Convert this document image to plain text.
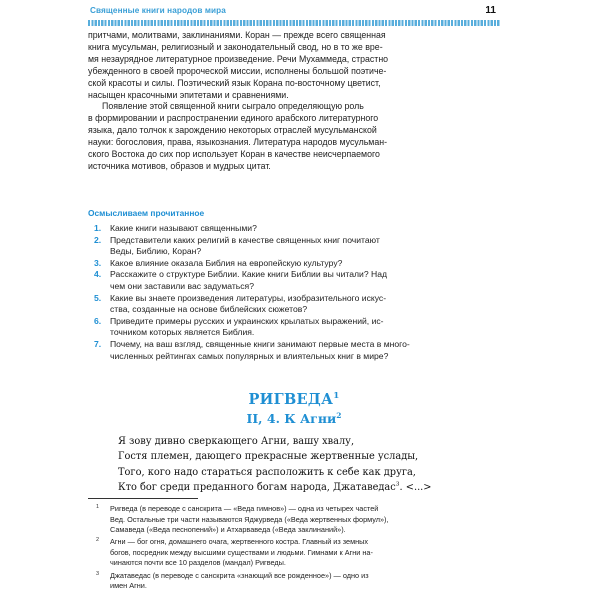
Священные книги народов мира	11
притчами, молитвами, заклинаниями. Коран — прежде всего священная
книга мусульман, религиозный и законодательный свод, но в то же вре-
мя незаурядное литературное произведение. Речи Мухаммеда, страстно
убежденного в своей пророческой миссии, исполнены большой поэтиче-
ской красоты и силы. Поэтический язык Корана по-восточному цветист,
насыщен красочными эпитетами и сравнениями.
Появление этой священной книги сыграло определяющую роль
в формировании и распространении единого арабского литературного
языка, дало толчок к зарождению некоторых отраслей мусульманской
науки: богословия, права, языкознания. Литература народов мусульман-
ского Востока до сих пор использует Коран в качестве неисчерпаемого
источника мотивов, образов и мудрых цитат.
Осмысливаем прочитанное
1. Какие книги называют священными?
2. Представители каких религий в качестве священных книг почитают
Веды, Библию, Коран?
3. Какое влияние оказала Библия на европейскую культуру?
4. Расскажите о структуре Библии. Какие книги Библии вы читали? Над
чем они заставили вас задуматься?
5. Какие вы знаете произведения литературы, изобразительного искус-
ства, созданные на основе библейских сюжетов?
6. Приведите примеры русских и украинских крылатых выражений, ис-
точником которых является Библия.
7. Почему, на ваш взгляд, священные книги занимают первые места в много-
численных рейтингах самых популярных и влиятельных книг в мире?
РИГВЕДА$^1$
II, 4. К Агни$^2$
Я зову дивно сверкающего Агни, вашу хвалу,
Гостя племен, дающего прекрасные жертвенные услады,
Того, кого надо стараться расположить к себе как друга,
Кто бог среди преданного богам народа, Джатаведас$^3$. <...>
1 Ригведа (в переводе с санскрита — «Веда гимнов») — одна из четырех частей
Вед. Остальные три части называются Яджурведа («Веда жертвенных формул»),
Самаведа («Веда песнопений») и Атхарваведа («Веда заклинаний»).
2 Агни — бог огня, домашнего очага, жертвенного костра. Главный из земных
богов, посредник между высшими существами и людьми. Гимнами к Агни на-
чинаются почти все 10 разделов (мандал) Ригведы.
3 Джатаведас (в переводе с санскрита «знающий все рожденное») — одно из
имен Агни.
